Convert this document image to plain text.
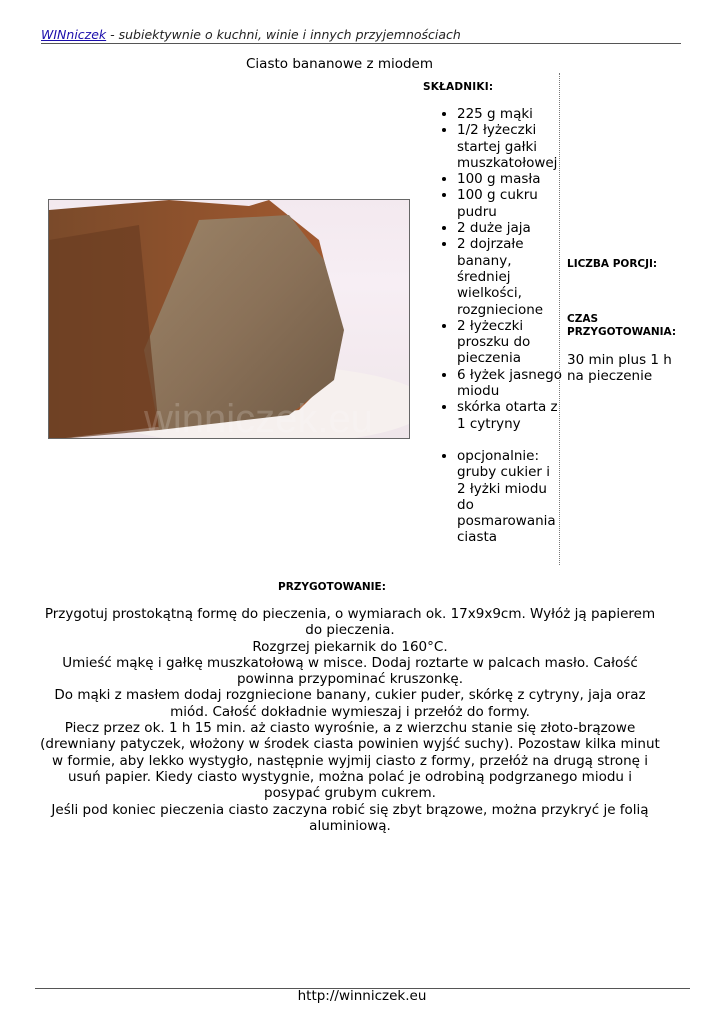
WINniczek - subiektywnie o kuchni, winie i innych przyjemnościach
Ciasto bananowe z miodem
winniczek.eu
SKŁADNIKI:
• 225 g mąki
• 1/2 łyżeczki startej gałki muszkatołowej
• 100 g masła
• 100 g cukru pudru
• 2 duże jaja
• 2 dojrzałe banany, średniej wielkości, rozgniecione
• 2 łyżeczki proszku do pieczenia
• 6 łyżek jasnego miodu
• skórka otarta z 1 cytryny
• opcjonalnie: gruby cukier i 2 łyżki miodu do posmarowania ciasta
LICZBA PORCJI:
CZAS PRZYGOTOWANIA:
30 min plus 1 h na pieczenie
PRZYGOTOWANIE:

Przygotuj prostokątną formę do pieczenia, o wymiarach ok. 17x9x9cm. Wyłóż ją papierem do pieczenia.

Rozgrzej piekarnik do 160°C.

Umieść mąkę i gałkę muszkatołową w misce. Dodaj roztarte w palcach masło. Całość powinna przypominać kruszonkę.

Do mąki z masłem dodaj rozgniecione banany, cukier puder, skórkę z cytryny, jaja oraz miód. Całość dokładnie wymieszaj i przełóż do formy.

Piecz przez ok. 1 h 15 min. aż ciasto wyrośnie, a z wierzchu stanie się złoto-brązowe (drewniany patyczek, włożony w środek ciasta powinien wyjść suchy). Pozostaw kilka minut w formie, aby lekko wystygło, następnie wyjmij ciasto z formy, przełóż na drugą stronę i usuń papier. Kiedy ciasto wystygnie, można polać je odrobiną podgrzanego miodu i posypać grubym cukrem.

Jeśli pod koniec pieczenia ciasto zaczyna robić się zbyt brązowe, można przykryć je folią aluminiową.

http://winniczek.eu
